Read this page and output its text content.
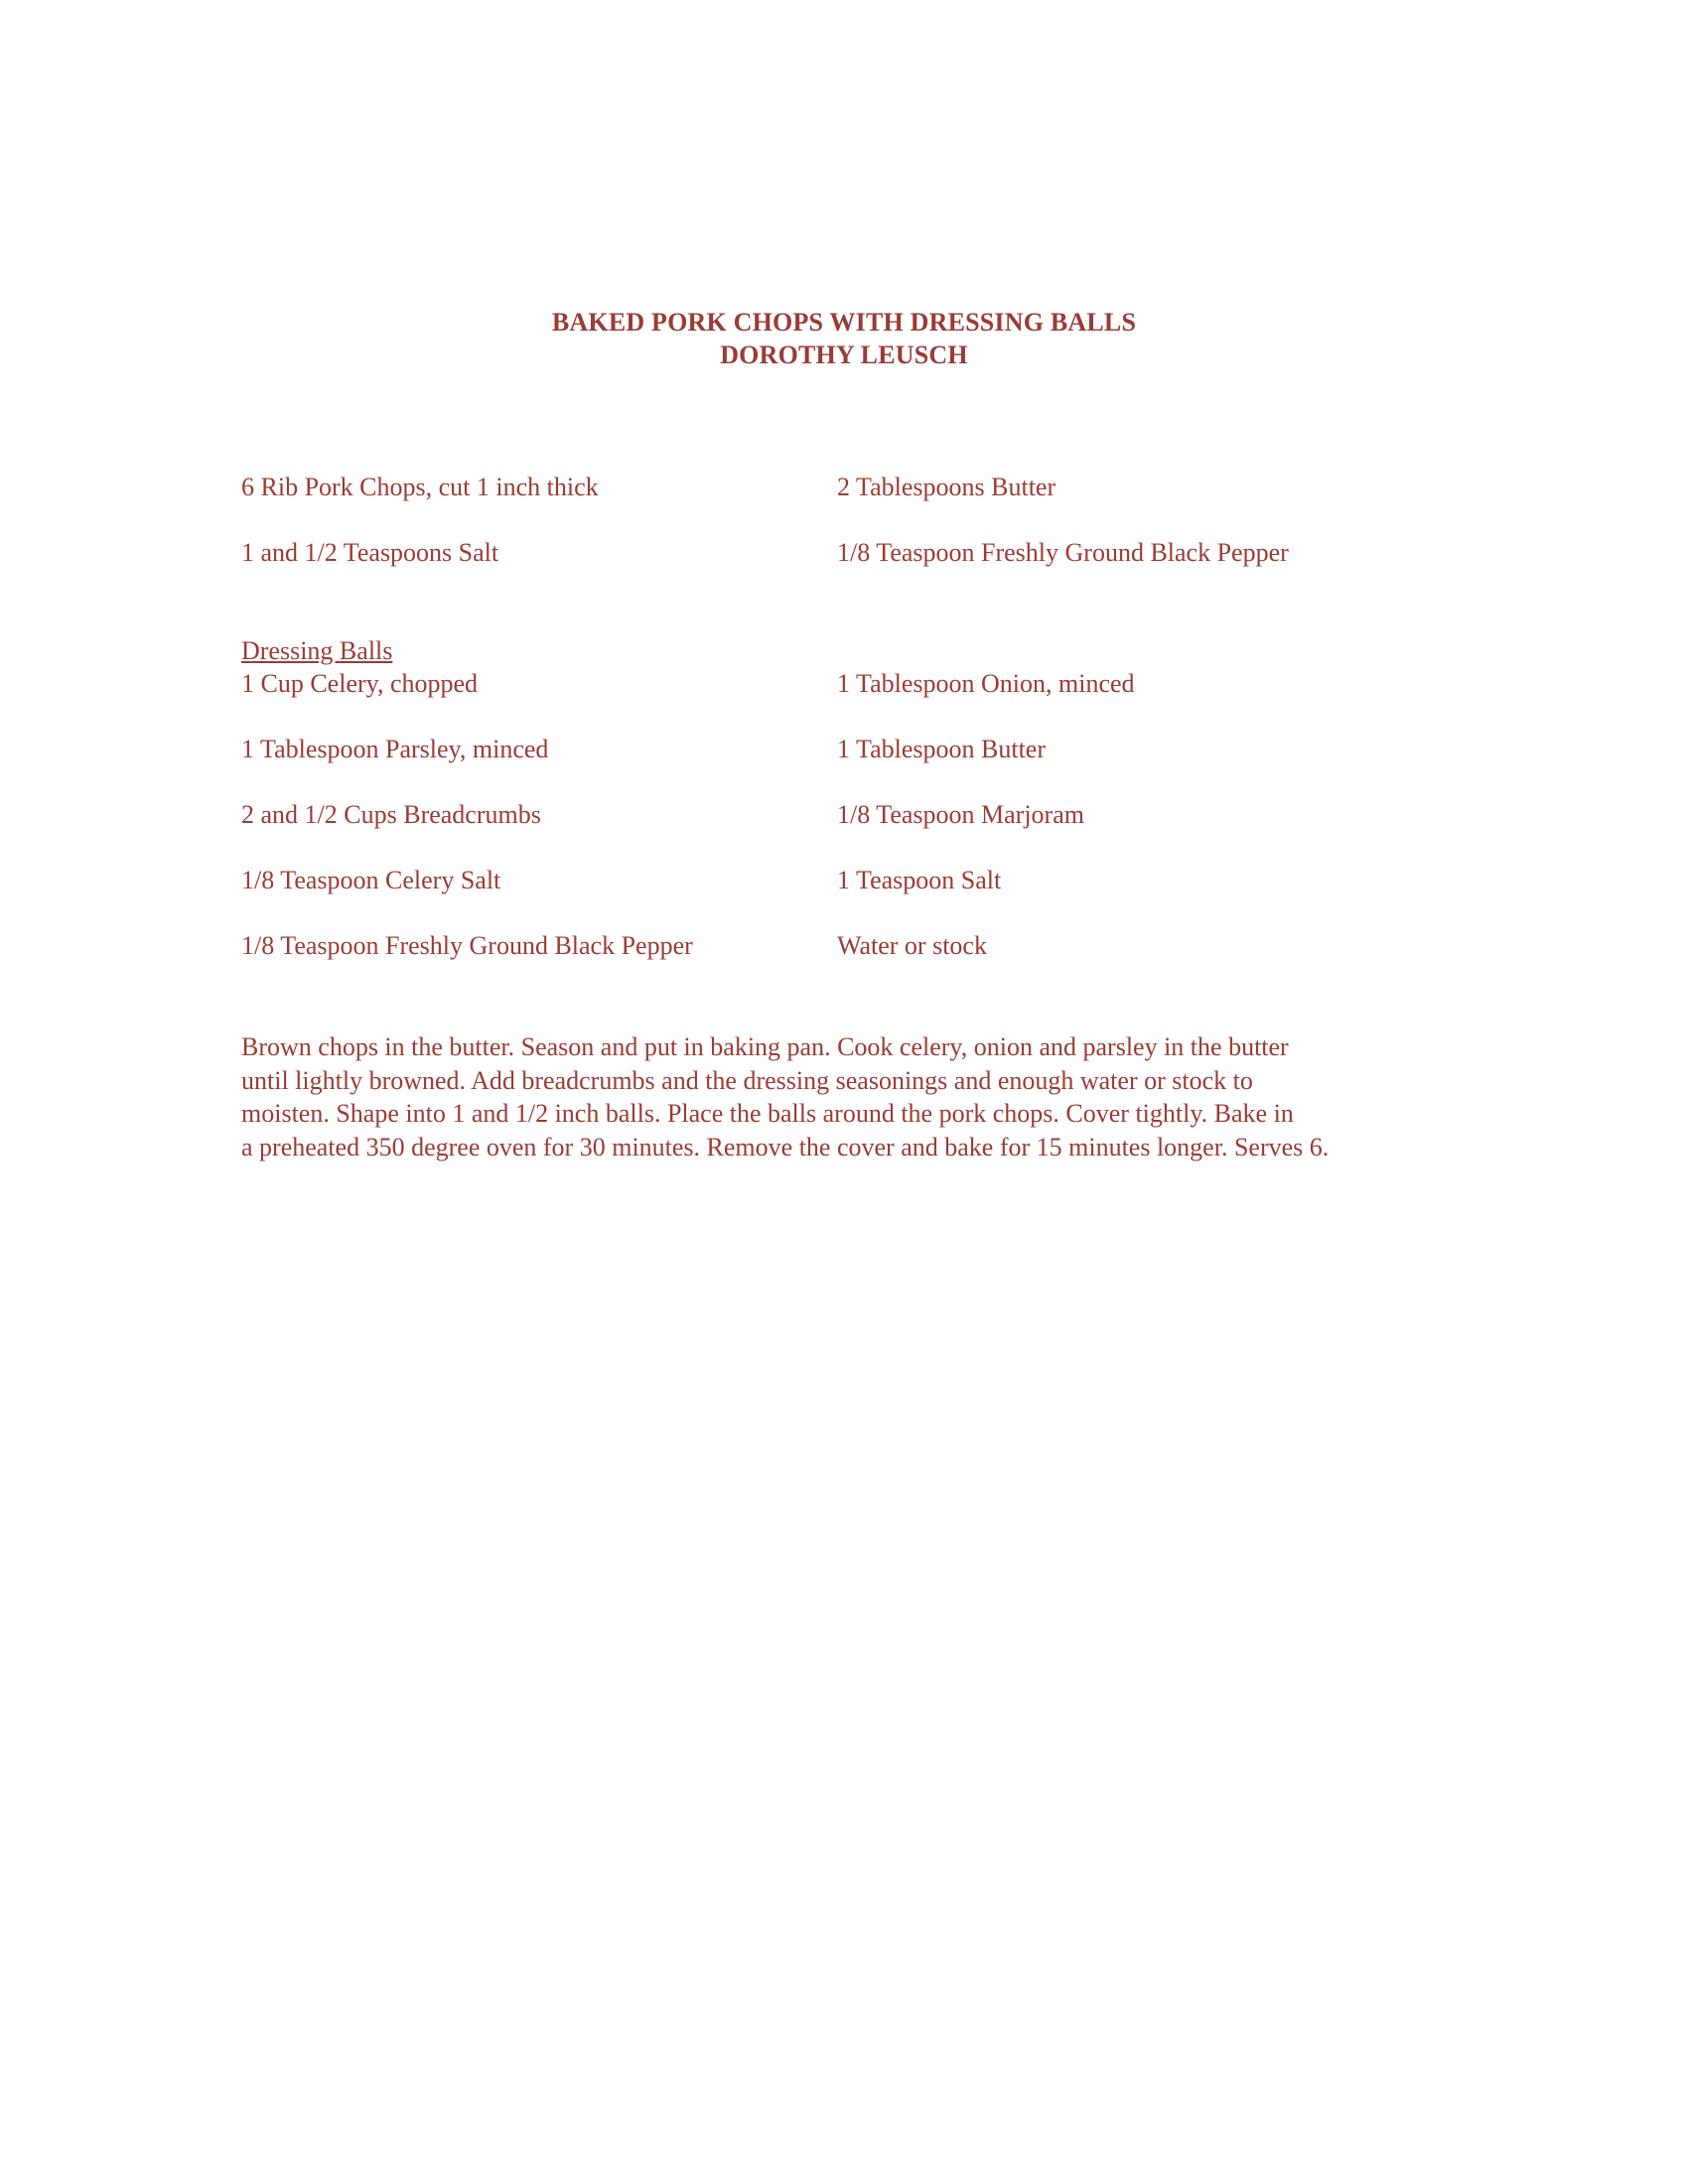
BAKED PORK CHOPS WITH DRESSING BALLS
DOROTHY LEUSCH
6 Rib Pork Chops, cut 1 inch thick	2 Tablespoons Butter
1 and 1/2 Teaspoons Salt	1/8 Teaspoon Freshly Ground Black Pepper
Dressing Balls
1 Cup Celery, chopped	1 Tablespoon Onion, minced
1 Tablespoon Parsley, minced	1 Tablespoon Butter
2 and 1/2 Cups Breadcrumbs	1/8 Teaspoon Marjoram
1/8 Teaspoon Celery Salt	1 Teaspoon Salt
1/8 Teaspoon Freshly Ground Black Pepper	Water or stock
Brown chops in the butter. Season and put in baking pan. Cook celery, onion and parsley in the butter
until lightly browned. Add breadcrumbs and the dressing seasonings and enough water or stock to
moisten. Shape into 1 and 1/2 inch balls. Place the balls around the pork chops. Cover tightly. Bake in
a preheated 350 degree oven for 30 minutes. Remove the cover and bake for 15 minutes longer. Serves 6.
